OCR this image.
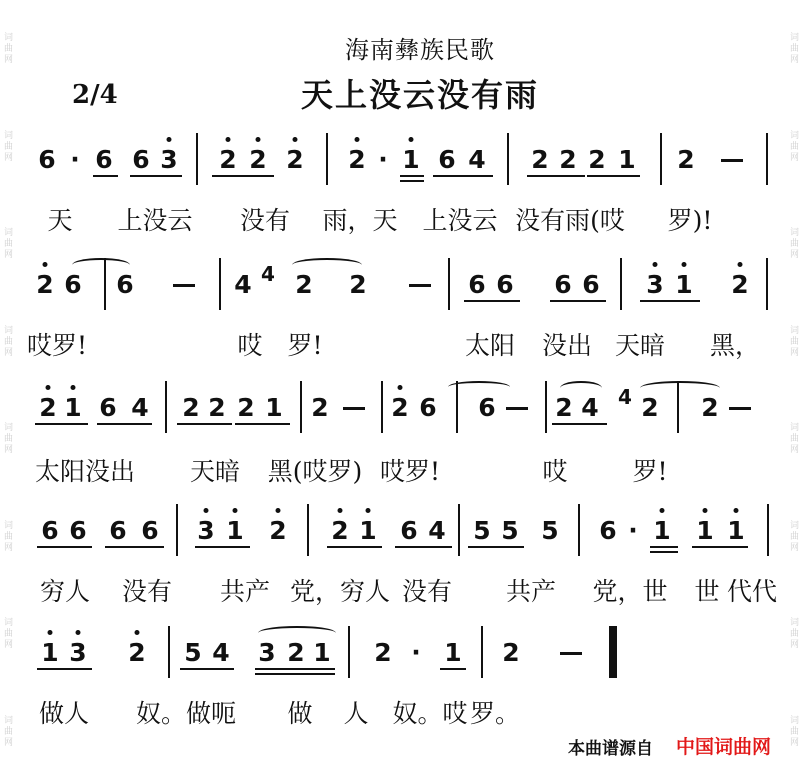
词曲网
词曲网
词曲网
词曲网
词曲网
词曲网
词曲网
词曲网
词曲网
词曲网
词曲网
词曲网
词曲网
词曲网
词曲网
词曲网
海南彝族民歌
天上没云没有雨
2/4
6 · 6 6 3 2 2 2 2 · 1 6 4 2 2 2 1 2
天 上没云 没有 雨，天 上没云 没有雨(哎 罗)!
2 6 6	4 4 2 2	6 6 6 6 3 1 2
哎罗!	哎 罗!	太阳 没出 天暗 黑，
2 1 6 4 2 2 2 1 2	2 6 6 2 4 4 2 2
太阳没出 天暗 黑(哎罗) 哎罗!	哎	罗!
6 6 6 6 3 1 2 2 1 6 4 5 5 5 6 · 1 1 1
穷人 没有 共产 党，穷人 没有 共产 党，世 世 代代
1 3 2 5 4 3 2 1 2 · 1 2
做人 奴。做呃 做 人 奴。哎 罗。
本曲谱源自 中国词曲网
